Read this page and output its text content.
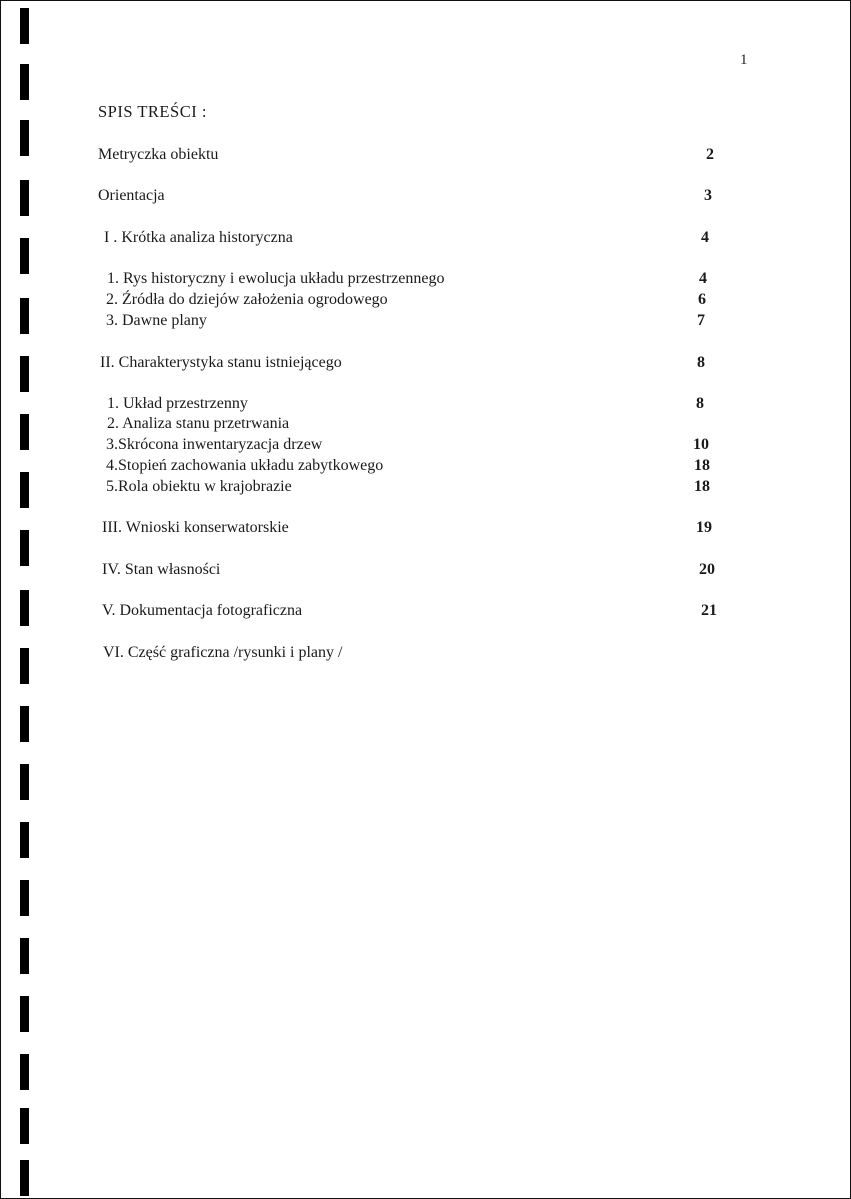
1
SPIS TREŚCI :
Metryczka obiektu	2
Orientacja	3
I . Krótka analiza historyczna	4
1. Rys historyczny i ewolucja układu przestrzennego	4
2. Źródła do dziejów założenia ogrodowego	6
3. Dawne plany	7
II. Charakterystyka stanu istniejącego	8
1. Układ przestrzenny	8
2. Analiza stanu przetrwania
3.Skrócona inwentaryzacja drzew	10
4.Stopień zachowania układu zabytkowego	18
5.Rola obiektu w krajobrazie	18
III. Wnioski konserwatorskie	19
IV. Stan własności	20
V. Dokumentacja fotograficzna	21
VI. Część graficzna /rysunki i plany /
